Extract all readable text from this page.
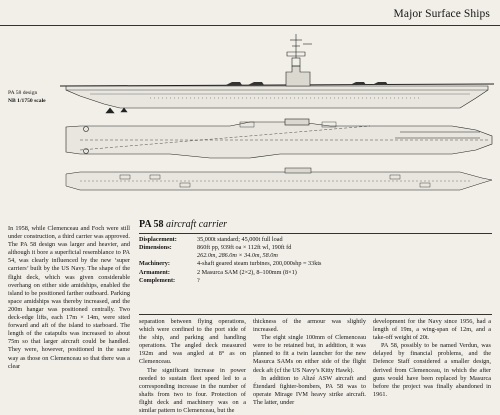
Major Surface Ships
PA 58 design
NB 1/1750 scale

In 1958, while Clemenceau and Foch were still under construction, a third carrier was approved. The PA 58 design was larger and heavier, and although it bore a superficial resemblance to PA 54, was clearly influenced by the new ‘super carriers’ built by the US Navy. The shape of the flight deck, which was given considerable overhang on either side amidships, enabled the island to be positioned farther outboard. Parking space amidships was thereby increased, and the 200m hangar was positioned centrally. Two deck-edge lifts, each 17m × 14m, were sited forward and aft of the island to starboard. The length of the catapults was increased to about 75m so that larger aircraft could be handled. They were, however, positioned in the same way as those on Clemenceau so that there was a clear

PA 58 aircraft carrier
Displacement:	35,000t standard; 45,000t full load

Dimensions:	860ft pp, 939ft oa × 112ft wl, 190ft fd
262.0m, 286.0m × 34.0m, 58.0m

Machinery:	4-shaft geared steam turbines, 200,000shp = 33kts

Armament:	2 Masurca SAM (2×2), 8–100mm (8×1)

Complement:	?

separation between flying operations, which were confined to the port side of the ship, and parking and handling operations. The angled deck measured 192m and was angled at 8° as on Clemenceau.

The significant increase in power needed to sustain fleet speed led to a corresponding increase in the number of shafts from two to four. Protection of flight deck and machinery was on a similar pattern to Clemenceau, but the

thickness of the armour was slightly increased.

The eight single 100mm of Clemenceau were to be retained but, in addition, it was planned to fit a twin launcher for the new Masurca SAMs on either side of the flight deck aft (cf the US Navy’s Kitty Hawk).

In addition to Alizé ASW aircraft and Étendard fighter-bombers, PA 58 was to operate Mirage IVM heavy strike aircraft. The latter, under

development for the Navy since 1956, had a length of 19m, a wing-span of 12m, and a take-off weight of 20t.

PA 58, possibly to be named Verdun, was delayed by financial problems, and the Defence Staff considered a smaller design, derived from Clemenceau, in which the after guns would have been replaced by Masurca before the project was finally abandoned in 1961.
